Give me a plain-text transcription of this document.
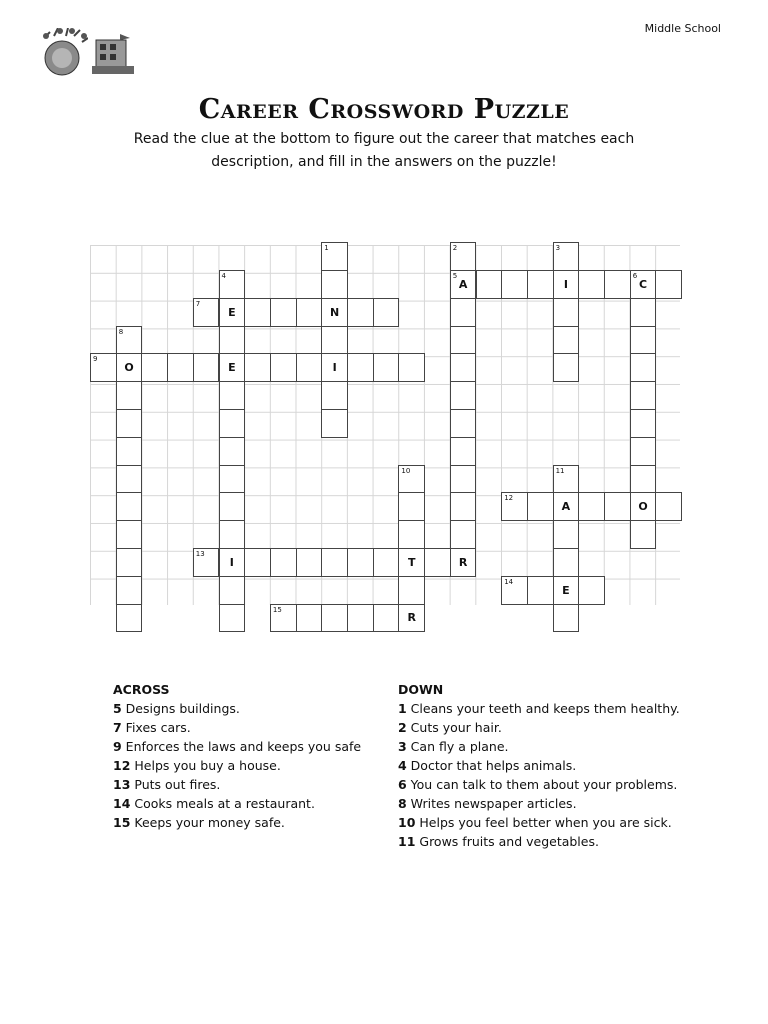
Middle School
Career Crossword Puzzle
Read the clue at the bottom to figure out the career that matches each description, and fill in the answers on the puzzle!
A
5
I	C
6
7
E	N
9
O	E	I
12
A	O
13
I	T	R
14
E
15
R
1	2	3
4
8
10	11
ACROSS
5 Designs buildings.
7 Fixes cars.
9 Enforces the laws and keeps you safe
12 Helps you buy a house.
13 Puts out fires.
14 Cooks meals at a restaurant.
15 Keeps your money safe.
DOWN
1 Cleans your teeth and keeps them healthy.
2 Cuts your hair.
3 Can fly a plane.
4 Doctor that helps animals.
6 You can talk to them about your problems.
8 Writes newspaper articles.
10 Helps you feel better when you are sick.
11 Grows fruits and vegetables.
